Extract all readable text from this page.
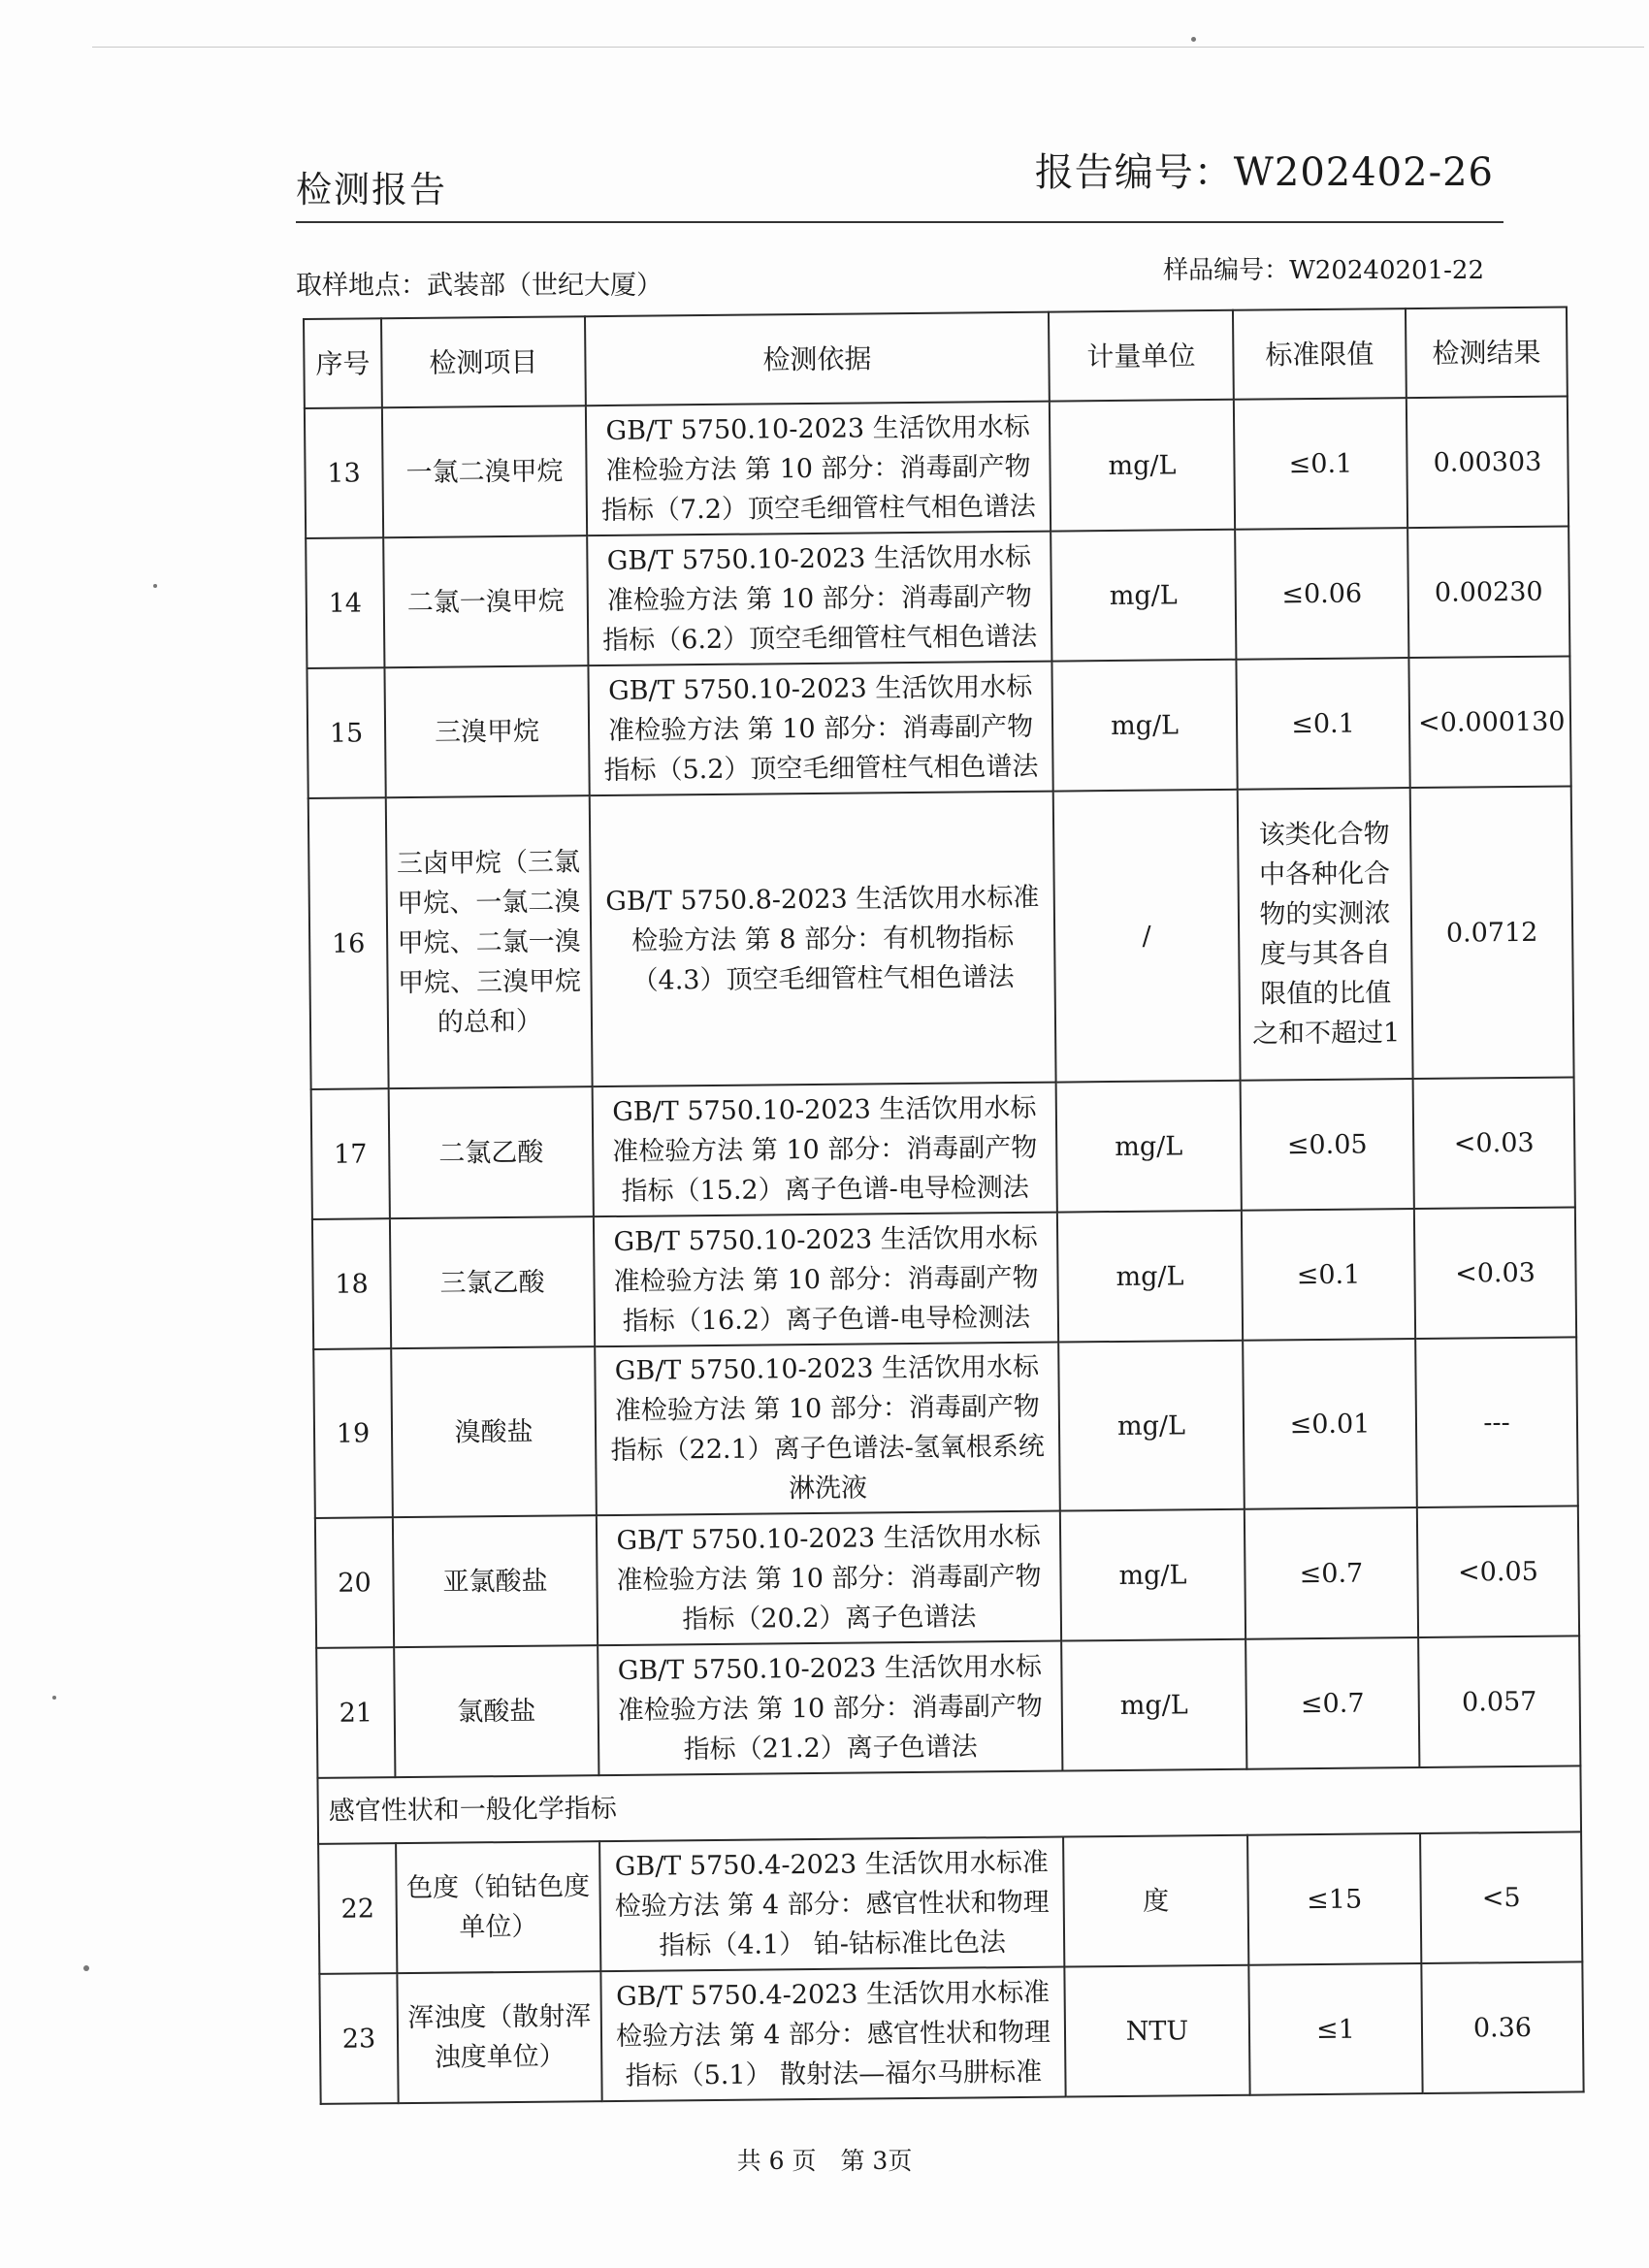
检测报告	报告编号：W202402-26
取样地点：武装部（世纪大厦）	样品编号：W20240201-22
序号	检测项目	检测依据	计量单位	标准限值	检测结果
13	一氯二溴甲烷	GB/T 5750.10-2023 生活饮用水标准检验方法 第 10 部分：消毒副产物指标（7.2）顶空毛细管柱气相色谱法	mg/L	≤0.1	0.00303
14	二氯一溴甲烷	GB/T 5750.10-2023 生活饮用水标准检验方法 第 10 部分：消毒副产物指标（6.2）顶空毛细管柱气相色谱法	mg/L	≤0.06	0.00230
15	三溴甲烷	GB/T 5750.10-2023 生活饮用水标准检验方法 第 10 部分：消毒副产物指标（5.2）顶空毛细管柱气相色谱法	mg/L	≤0.1	<0.000130
16	三卤甲烷（三氯甲烷、一氯二溴甲烷、二氯一溴甲烷、三溴甲烷的总和）	GB/T 5750.8-2023 生活饮用水标准检验方法 第 8 部分：有机物指标（4.3）顶空毛细管柱气相色谱法	/	该类化合物中各种化合物的实测浓度与其各自限值的比值之和不超过1	0.0712
17	二氯乙酸	GB/T 5750.10-2023 生活饮用水标准检验方法 第 10 部分：消毒副产物指标（15.2）离子色谱-电导检测法	mg/L	≤0.05	<0.03
18	三氯乙酸	GB/T 5750.10-2023 生活饮用水标准检验方法 第 10 部分：消毒副产物指标（16.2）离子色谱-电导检测法	mg/L	≤0.1	<0.03
19	溴酸盐	GB/T 5750.10-2023 生活饮用水标准检验方法 第 10 部分：消毒副产物指标（22.1）离子色谱法-氢氧根系统淋洗液	mg/L	≤0.01	---
20	亚氯酸盐	GB/T 5750.10-2023 生活饮用水标准检验方法 第 10 部分：消毒副产物指标（20.2）离子色谱法	mg/L	≤0.7	<0.05
21	氯酸盐	GB/T 5750.10-2023 生活饮用水标准检验方法 第 10 部分：消毒副产物指标（21.2）离子色谱法	mg/L	≤0.7	0.057
感官性状和一般化学指标					
22	色度（铂钴色度单位）	GB/T 5750.4-2023 生活饮用水标准检验方法 第 4 部分：感官性状和物理指标（4.1） 铂-钴标准比色法	度	≤15	<5
23	浑浊度（散射浑浊度单位）	GB/T 5750.4-2023 生活饮用水标准检验方法 第 4 部分：感官性状和物理指标（5.1） 散射法—福尔马肼标准	NTU	≤1	0.36
共 6 页　第 3页
